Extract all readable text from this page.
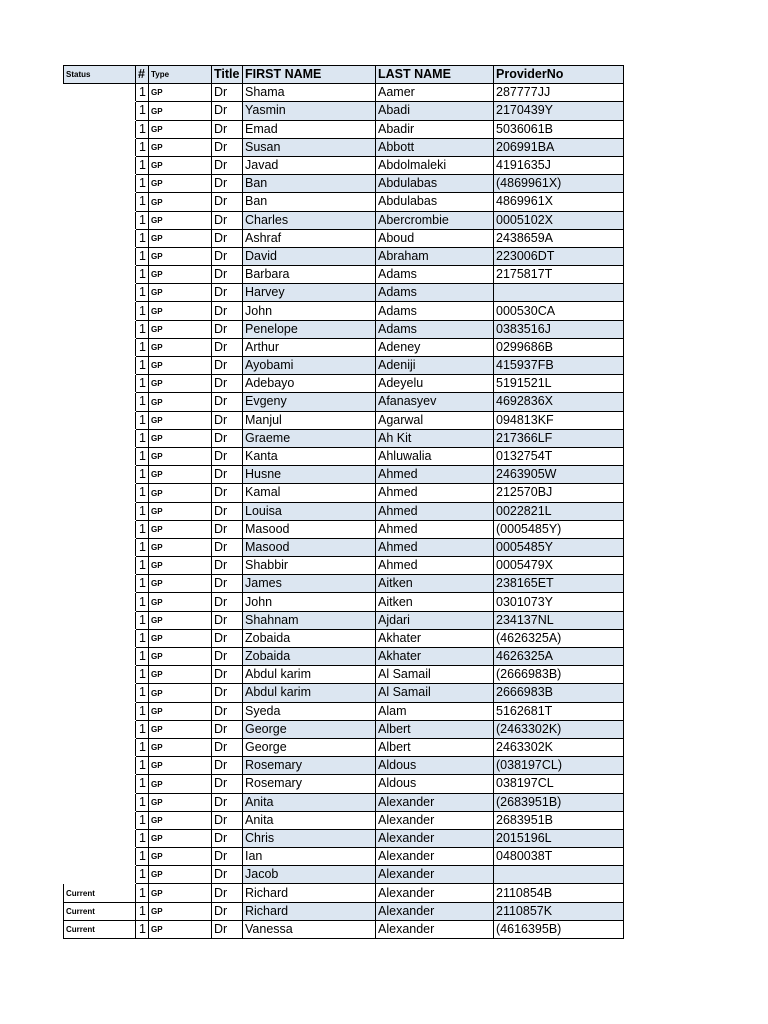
Status	#	Type	Title	FIRST NAME	LAST NAME	ProviderNo
	1	GP	Dr	Shama	Aamer	287777JJ
	1	GP	Dr	Yasmin	Abadi	2170439Y
	1	GP	Dr	Emad	Abadir	5036061B
	1	GP	Dr	Susan	Abbott	206991BA
	1	GP	Dr	Javad	Abdolmaleki	4191635J
	1	GP	Dr	Ban	Abdulabas	(4869961X)
	1	GP	Dr	Ban	Abdulabas	4869961X
	1	GP	Dr	Charles	Abercrombie	0005102X
	1	GP	Dr	Ashraf	Aboud	2438659A
	1	GP	Dr	David	Abraham	223006DT
	1	GP	Dr	Barbara	Adams	2175817T
	1	GP	Dr	Harvey	Adams	
	1	GP	Dr	John	Adams	000530CA
	1	GP	Dr	Penelope	Adams	0383516J
	1	GP	Dr	Arthur	Adeney	0299686B
	1	GP	Dr	Ayobami	Adeniji	415937FB
	1	GP	Dr	Adebayo	Adeyelu	5191521L
	1	GP	Dr	Evgeny	Afanasyev	4692836X
	1	GP	Dr	Manjul	Agarwal	094813KF
	1	GP	Dr	Graeme	Ah Kit	217366LF
	1	GP	Dr	Kanta	Ahluwalia	0132754T
	1	GP	Dr	Husne	Ahmed	2463905W
	1	GP	Dr	Kamal	Ahmed	212570BJ
	1	GP	Dr	Louisa	Ahmed	0022821L
	1	GP	Dr	Masood	Ahmed	(0005485Y)
	1	GP	Dr	Masood	Ahmed	0005485Y
	1	GP	Dr	Shabbir	Ahmed	0005479X
	1	GP	Dr	James	Aitken	238165ET
	1	GP	Dr	John	Aitken	0301073Y
	1	GP	Dr	Shahnam	Ajdari	234137NL
	1	GP	Dr	Zobaida	Akhater	(4626325A)
	1	GP	Dr	Zobaida	Akhater	4626325A
	1	GP	Dr	Abdul karim	Al Samail	(2666983B)
	1	GP	Dr	Abdul karim	Al Samail	2666983B
	1	GP	Dr	Syeda	Alam	5162681T
	1	GP	Dr	George	Albert	(2463302K)
	1	GP	Dr	George	Albert	2463302K
	1	GP	Dr	Rosemary	Aldous	(038197CL)
	1	GP	Dr	Rosemary	Aldous	038197CL
	1	GP	Dr	Anita	Alexander	(2683951B)
	1	GP	Dr	Anita	Alexander	2683951B
	1	GP	Dr	Chris	Alexander	2015196L
	1	GP	Dr	Ian	Alexander	0480038T
	1	GP	Dr	Jacob	Alexander	
Current	1	GP	Dr	Richard	Alexander	2110854B
Current	1	GP	Dr	Richard	Alexander	2110857K
Current	1	GP	Dr	Vanessa	Alexander	(4616395B)
